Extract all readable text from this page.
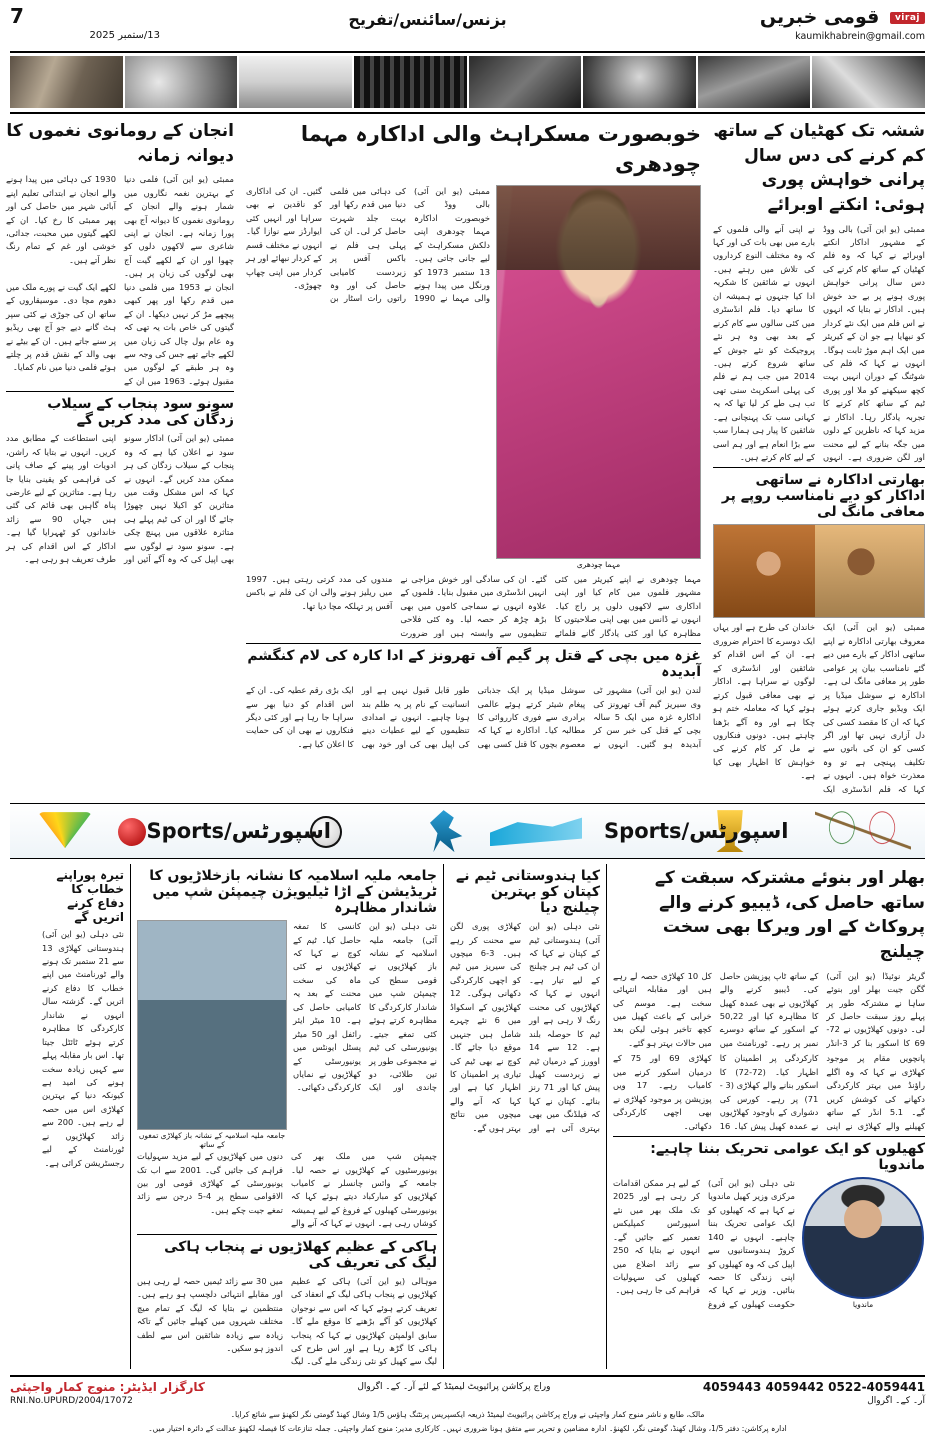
7
13/ستمبر 2025
بزنس/سائنس/تفریح	viraj قومی خبریں
kaumikhabrein@gmail.com
ششہ تک کھٹیان کے ساتھ کم کرنے کی دس سال پرانی خواہش پوری ہوئی: انکتے اوبرائے
ممبئی (یو این آئی) بالی ووڈ کے مشہور اداکار انکتے اوبرائے نے کہا کہ وہ فلم کھٹیان کے ساتھ کام کرنے کی دس سال پرانی خواہش پوری ہونے پر بے حد خوش ہیں۔ اداکار نے بتایا کہ انہوں نے اس فلم میں ایک نئے کردار کو نبھایا ہے جو ان کے کیریئر میں ایک اہم موڑ ثابت ہوگا۔ انہوں نے کہا کہ فلم کی شوٹنگ کے دوران انہیں بہت کچھ سیکھنے کو ملا اور پوری ٹیم کے ساتھ کام کرنے کا تجربہ یادگار رہا۔ اداکار نے مزید کہا کہ ناظرین کے دلوں میں جگہ بنانے کے لیے محنت اور لگن ضروری ہے۔ انہوں نے اپنی آنے والی فلموں کے بارے میں بھی بات کی اور کہا کہ وہ مختلف النوع کرداروں کی تلاش میں رہتے ہیں۔ انہوں نے شائقین کا شکریہ ادا کیا جنہوں نے ہمیشہ ان کا ساتھ دیا۔ فلم انڈسٹری میں کئی سالوں سے کام کرنے کے بعد بھی وہ ہر نئے پروجیکٹ کو نئے جوش کے ساتھ شروع کرتے ہیں۔ 2014 میں جب ہم نے فلم کی پہلی اسکرپٹ سنی تھی تب ہی طے کر لیا تھا کہ یہ کہانی سب تک پہنچانی ہے۔ شائقین کا پیار ہی ہمارا سب سے بڑا انعام ہے اور ہم اسی کے لیے کام کرتے ہیں۔
بھارتی اداکارہ نے ساتھی اداکار کو دیے نامناسب روپے پر معافی مانگ لی
ممبئی (یو این آئی) ایک معروف بھارتی اداکارہ نے اپنے ساتھی اداکار کے بارے میں دیے گئے نامناسب بیان پر عوامی طور پر معافی مانگ لی ہے۔ اداکارہ نے سوشل میڈیا پر ایک ویڈیو جاری کرتے ہوئے کہا کہ ان کا مقصد کسی کی دل آزاری نہیں تھا اور اگر کسی کو ان کی باتوں سے تکلیف پہنچی ہے تو وہ معذرت خواہ ہیں۔ انہوں نے کہا کہ فلم انڈسٹری ایک خاندان کی طرح ہے اور یہاں ایک دوسرے کا احترام ضروری ہے۔ ان کے اس اقدام کو شائقین اور انڈسٹری کے لوگوں نے سراہا ہے۔ اداکار نے بھی معافی قبول کرتے ہوئے کہا کہ معاملہ ختم ہو چکا ہے اور وہ آگے بڑھنا چاہتے ہیں۔ دونوں فنکاروں نے مل کر کام کرنے کی خواہش کا اظہار بھی کیا ہے۔
خوبصورت مسکراہٹ والی اداکارہ مہما چودھری
مہما چودھری
ممبئی (یو این آئی) بالی ووڈ کی خوبصورت اداکارہ مہما چودھری اپنی دلکش مسکراہٹ کے لیے جانی جاتی ہیں۔ 13 ستمبر 1973 کو ورنگل میں پیدا ہونے والی مہما نے 1990 کی دہائی میں فلمی دنیا میں قدم رکھا اور بہت جلد شہرت حاصل کر لی۔ ان کی پہلی ہی فلم نے باکس آفس پر زبردست کامیابی حاصل کی اور وہ راتوں رات اسٹار بن گئیں۔ ان کی اداکاری کو ناقدین نے بھی سراہا اور انہیں کئی ایوارڈز سے نوازا گیا۔ انہوں نے مختلف قسم کے کردار نبھائے اور ہر کردار میں اپنی چھاپ چھوڑی۔
مہما چودھری نے اپنے کیریئر میں کئی مشہور فلموں میں کام کیا اور اپنی اداکاری سے لاکھوں دلوں پر راج کیا۔ انہوں نے ڈانس میں بھی اپنی صلاحیتوں کا مظاہرہ کیا اور کئی یادگار گانے فلمائے گئے۔ ان کی سادگی اور خوش مزاجی نے انہیں انڈسٹری میں مقبول بنایا۔ فلموں کے علاوہ انہوں نے سماجی کاموں میں بھی بڑھ چڑھ کر حصہ لیا۔ وہ کئی فلاحی تنظیموں سے وابستہ ہیں اور ضرورت مندوں کی مدد کرتی رہتی ہیں۔ 1997 میں ریلیز ہونے والی ان کی فلم نے باکس آفس پر تہلکہ مچا دیا تھا۔
غزہ میں بچی کے قتل پر گیم آف تھرونز کے ادا کارہ کی لام کنگشم آبدیدہ
لندن (یو این آئی) مشہور ٹی وی سیریز گیم آف تھرونز کی اداکارہ غزہ میں ایک 5 سالہ بچی کے قتل کی خبر سن کر آبدیدہ ہو گئیں۔ انہوں نے سوشل میڈیا پر ایک جذباتی پیغام شیئر کرتے ہوئے عالمی برادری سے فوری کارروائی کا مطالبہ کیا۔ اداکارہ نے کہا کہ معصوم بچوں کا قتل کسی بھی طور قابل قبول نہیں ہے اور انسانیت کے نام پر یہ ظلم بند ہونا چاہیے۔ انہوں نے امدادی تنظیموں کے لیے عطیات دینے کی اپیل بھی کی اور خود بھی ایک بڑی رقم عطیہ کی۔ ان کے اس اقدام کو دنیا بھر سے سراہا جا رہا ہے اور کئی دیگر فنکاروں نے بھی ان کی حمایت کا اعلان کیا ہے۔
انجان کے رومانوی نغموں کا دیوانہ زمانہ
ممبئی (یو این آئی) فلمی دنیا کے بہترین نغمہ نگاروں میں شمار ہونے والے انجان کے رومانوی نغموں کا دیوانہ آج بھی پورا زمانہ ہے۔ انجان نے اپنی شاعری سے لاکھوں دلوں کو چھوا اور ان کے لکھے گیت آج بھی لوگوں کی زبان پر ہیں۔ 1930 کی دہائی میں پیدا ہونے والے انجان نے ابتدائی تعلیم اپنے آبائی شہر میں حاصل کی اور پھر ممبئی کا رخ کیا۔ ان کے لکھے گیتوں میں محبت، جدائی، خوشی اور غم کے تمام رنگ نظر آتے ہیں۔
انجان نے 1953 میں فلمی دنیا میں قدم رکھا اور پھر کبھی پیچھے مڑ کر نہیں دیکھا۔ ان کے گیتوں کی خاص بات یہ تھی کہ وہ عام بول چال کی زبان میں لکھے جاتے تھے جس کی وجہ سے وہ ہر طبقے کے لوگوں میں مقبول ہوئے۔ 1963 میں ان کے لکھے ایک گیت نے پورے ملک میں دھوم مچا دی۔ موسیقاروں کے ساتھ ان کی جوڑی نے کئی سپر ہٹ گانے دیے جو آج بھی ریڈیو پر سنے جاتے ہیں۔ ان کے بیٹے نے بھی والد کے نقش قدم پر چلتے ہوئے فلمی دنیا میں نام کمایا۔
سونو سود پنجاب کے سیلاب زدگان کی مدد کریں گے
ممبئی (یو این آئی) اداکار سونو سود نے اعلان کیا ہے کہ وہ پنجاب کے سیلاب زدگان کی ہر ممکن مدد کریں گے۔ انہوں نے کہا کہ اس مشکل وقت میں متاثرین کو اکیلا نہیں چھوڑا جائے گا اور ان کی ٹیم پہلے ہی متاثرہ علاقوں میں پہنچ چکی ہے۔ سونو سود نے لوگوں سے بھی اپیل کی کہ وہ آگے آئیں اور اپنی استطاعت کے مطابق مدد کریں۔ انہوں نے بتایا کہ راشن، ادویات اور پینے کے صاف پانی کی فراہمی کو یقینی بنایا جا رہا ہے۔ متاثرین کے لیے عارضی پناہ گاہیں بھی قائم کی گئی ہیں جہاں 90 سے زائد خاندانوں کو ٹھہرایا گیا ہے۔ اداکار کے اس اقدام کی ہر طرف تعریف ہو رہی ہے۔
اسپورٹس/Sports	اسپورٹس/Sports
بھلر اور بنوئے مشترکہ سبقت کے ساتھ حاصل کی، ڈیبیو کرنے والے پروکاٹ کے اور ویرکا بھی سخت چیلنج
گریٹر نوئیڈا (یو این آئی) گگن جیت بھلر اور بنوئے ساہا نے مشترکہ طور پر پہلے روز سبقت حاصل کر لی۔ دونوں کھلاڑیوں نے 72-69 کا اسکور بنا کر 3-انڈر کے ساتھ ٹاپ پوزیشن حاصل کی۔ ڈیبیو کرنے والے کھلاڑیوں نے بھی عمدہ کھیل کا مظاہرہ کیا اور 50,22 کے اسکور کے ساتھ دوسرے نمبر پر رہے۔ ٹورنامنٹ میں کل 10 کھلاڑی حصہ لے رہے ہیں اور مقابلہ انتہائی سخت ہے۔ موسم کی خرابی کے باعث کھیل میں کچھ تاخیر ہوئی لیکن بعد میں حالات بہتر ہو گئے۔
پانچویں مقام پر موجود کھلاڑی نے کہا کہ وہ اگلے راؤنڈ میں بہتر کارکردگی دکھانے کی کوشش کریں گے۔ 5.1 انڈر کے ساتھ کھیلنے والے کھلاڑی نے اپنی کارکردگی پر اطمینان کا اظہار کیا۔ (72-72) کا اسکور بنانے والے کھلاڑی (3 - 71) پر رہے۔ کورس کی دشواری کے باوجود کھلاڑیوں نے عمدہ کھیل پیش کیا۔ 16 کھلاڑی 69 اور 75 کے درمیان اسکور کرنے میں کامیاب رہے۔ 17 ویں پوزیشن پر موجود کھلاڑی نے بھی اچھی کارکردگی دکھائی۔
کھیلوں کو ایک عوامی تحریک بننا چاہیے: ماندویا
ماندویا
نئی دہلی (یو این آئی) مرکزی وزیر کھیل ماندویا نے کہا ہے کہ کھیلوں کو ایک عوامی تحریک بننا چاہیے۔ انہوں نے 140 کروڑ ہندوستانیوں سے اپیل کی کہ وہ کھیلوں کو اپنی زندگی کا حصہ بنائیں۔ وزیر نے کہا کہ حکومت کھیلوں کے فروغ کے لیے ہر ممکن اقدامات کر رہی ہے اور 2025 تک ملک بھر میں نئے اسپورٹس کمپلیکس تعمیر کیے جائیں گے۔ انہوں نے بتایا کہ 250 سے زائد اضلاع میں کھیلوں کی سہولیات فراہم کی جا رہی ہیں۔
کیا ہندوستانی ٹیم نے کپتان کو بہترین چیلنج دیا
نئی دہلی (یو این آئی) ہندوستانی ٹیم کے کپتان نے کہا کہ ان کی ٹیم ہر چیلنج کے لیے تیار ہے۔ انہوں نے کہا کہ کھلاڑیوں کی محنت رنگ لا رہی ہے اور ٹیم کا حوصلہ بلند ہے۔ 12 سے 14 اوورز کے درمیان ٹیم نے زبردست کھیل پیش کیا اور 71 رنز بنائے۔ کپتان نے کہا کہ فیلڈنگ میں بھی بہتری آئی ہے اور کھلاڑی پوری لگن سے محنت کر رہے ہیں۔ 3-6 میچوں کی سیریز میں ٹیم کو اچھی کارکردگی دکھانی ہوگی۔ 12 کھلاڑیوں کے اسکواڈ میں 6 نئے چہرے شامل ہیں جنہیں موقع دیا جائے گا۔ کوچ نے بھی ٹیم کی تیاری پر اطمینان کا اظہار کیا ہے اور کہا کہ آنے والے میچوں میں نتائج بہتر ہوں گے۔
جامعہ ملیہ اسلامیہ کا نشانہ بازخلاڑیوں کا ٹریڈیشن کے اڑا ٹیلیویژن چیمپئن شپ میں شاندار مظاہرہ
نئی دہلی (یو این آئی) جامعہ ملیہ اسلامیہ کے نشانہ باز کھلاڑیوں نے قومی سطح کی چیمپئن شپ میں شاندار کارکردگی کا مظاہرہ کرتے ہوئے کئی تمغے جیتے۔ یونیورسٹی کی ٹیم نے مجموعی طور پر تین طلائی، دو چاندی اور ایک کانسی کا تمغہ حاصل کیا۔ ٹیم کے کوچ نے کہا کہ کھلاڑیوں نے کئی ماہ کی سخت محنت کے بعد یہ کامیابی حاصل کی ہے۔ 10 میٹر ایئر رائفل اور 50 میٹر پسٹل ایونٹس میں یونیورسٹی کے کھلاڑیوں نے نمایاں کارکردگی دکھائی۔
جامعہ ملیہ اسلامیہ کے نشانہ باز کھلاڑی تمغوں کے ساتھ
چیمپئن شپ میں ملک بھر کی یونیورسٹیوں کے کھلاڑیوں نے حصہ لیا۔ جامعہ کے وائس چانسلر نے کامیاب کھلاڑیوں کو مبارکباد دیتے ہوئے کہا کہ یونیورسٹی کھیلوں کے فروغ کے لیے ہمیشہ کوشاں رہی ہے۔ انہوں نے کہا کہ آنے والے دنوں میں کھلاڑیوں کے لیے مزید سہولیات فراہم کی جائیں گی۔ 2001 سے اب تک یونیورسٹی کے کھلاڑی قومی اور بین الاقوامی سطح پر 4-5 درجن سے زائد تمغے جیت چکے ہیں۔
ہاکی کے عظیم کھلاڑیوں نے پنجاب ہاکی لیگ کی تعریف کی
موہالی (یو این آئی) ہاکی کے عظیم کھلاڑیوں نے پنجاب ہاکی لیگ کے انعقاد کی تعریف کرتے ہوئے کہا کہ اس سے نوجوان کھلاڑیوں کو آگے بڑھنے کا موقع ملے گا۔ سابق اولمپئن کھلاڑیوں نے کہا کہ پنجاب ہاکی کا گڑھ رہا ہے اور اس طرح کی لیگ سے کھیل کو نئی زندگی ملے گی۔ لیگ میں 30 سے زائد ٹیمیں حصہ لے رہی ہیں اور مقابلے انتہائی دلچسپ ہو رہے ہیں۔ منتظمین نے بتایا کہ لیگ کے تمام میچ مختلف شہروں میں کھیلے جائیں گے تاکہ زیادہ سے زیادہ شائقین اس سے لطف اندوز ہو سکیں۔
تیرہ پوراپنے خطاب کا دفاع کرنے اتریں گے
نئی دہلی (یو این آئی) ہندوستانی کھلاڑی 13 سے 21 ستمبر تک ہونے والے ٹورنامنٹ میں اپنے خطاب کا دفاع کرنے اتریں گے۔ گزشتہ سال انہوں نے شاندار کارکردگی کا مظاہرہ کرتے ہوئے ٹائٹل جیتا تھا۔ اس بار مقابلہ پہلے سے کہیں زیادہ سخت ہونے کی امید ہے کیونکہ دنیا کے بہترین کھلاڑی اس میں حصہ لے رہے ہیں۔ 200 سے زائد کھلاڑیوں نے ٹورنامنٹ کے لیے رجسٹریشن کرائی ہے۔
0522-4059441 4059442 4059443
وراج پرکاشن پرائیویٹ لیمیٹڈ کے لئے آر۔ کے۔ اگروال
کارگزار ایڈیٹر: منوج کمار واجپئی
آر۔ کے۔ اگروال
RNI.No.UPURD/2004/17072
مالک، طابع و ناشر منوج کمار واجپئی نے وراج پرکاشن پرائیویٹ لیمیٹڈ ذریعہ ایکسپریس پرنٹنگ ہاؤس 1/5 وشال کھنڈ گومتی نگر لکھنؤ سے شائع کرایا۔
ادارہ پرکاشن: دفتر 1/5، وشال کھنڈ، گومتی نگر، لکھنؤ۔ ادارہ مضامین و تحریر سے متفق ہونا ضروری نہیں۔ کارکاری مدیر: منوج کمار واجپئی۔ جملہ تنازعات کا فیصلہ لکھنؤ عدالت کے دائرہ اختیار میں۔
